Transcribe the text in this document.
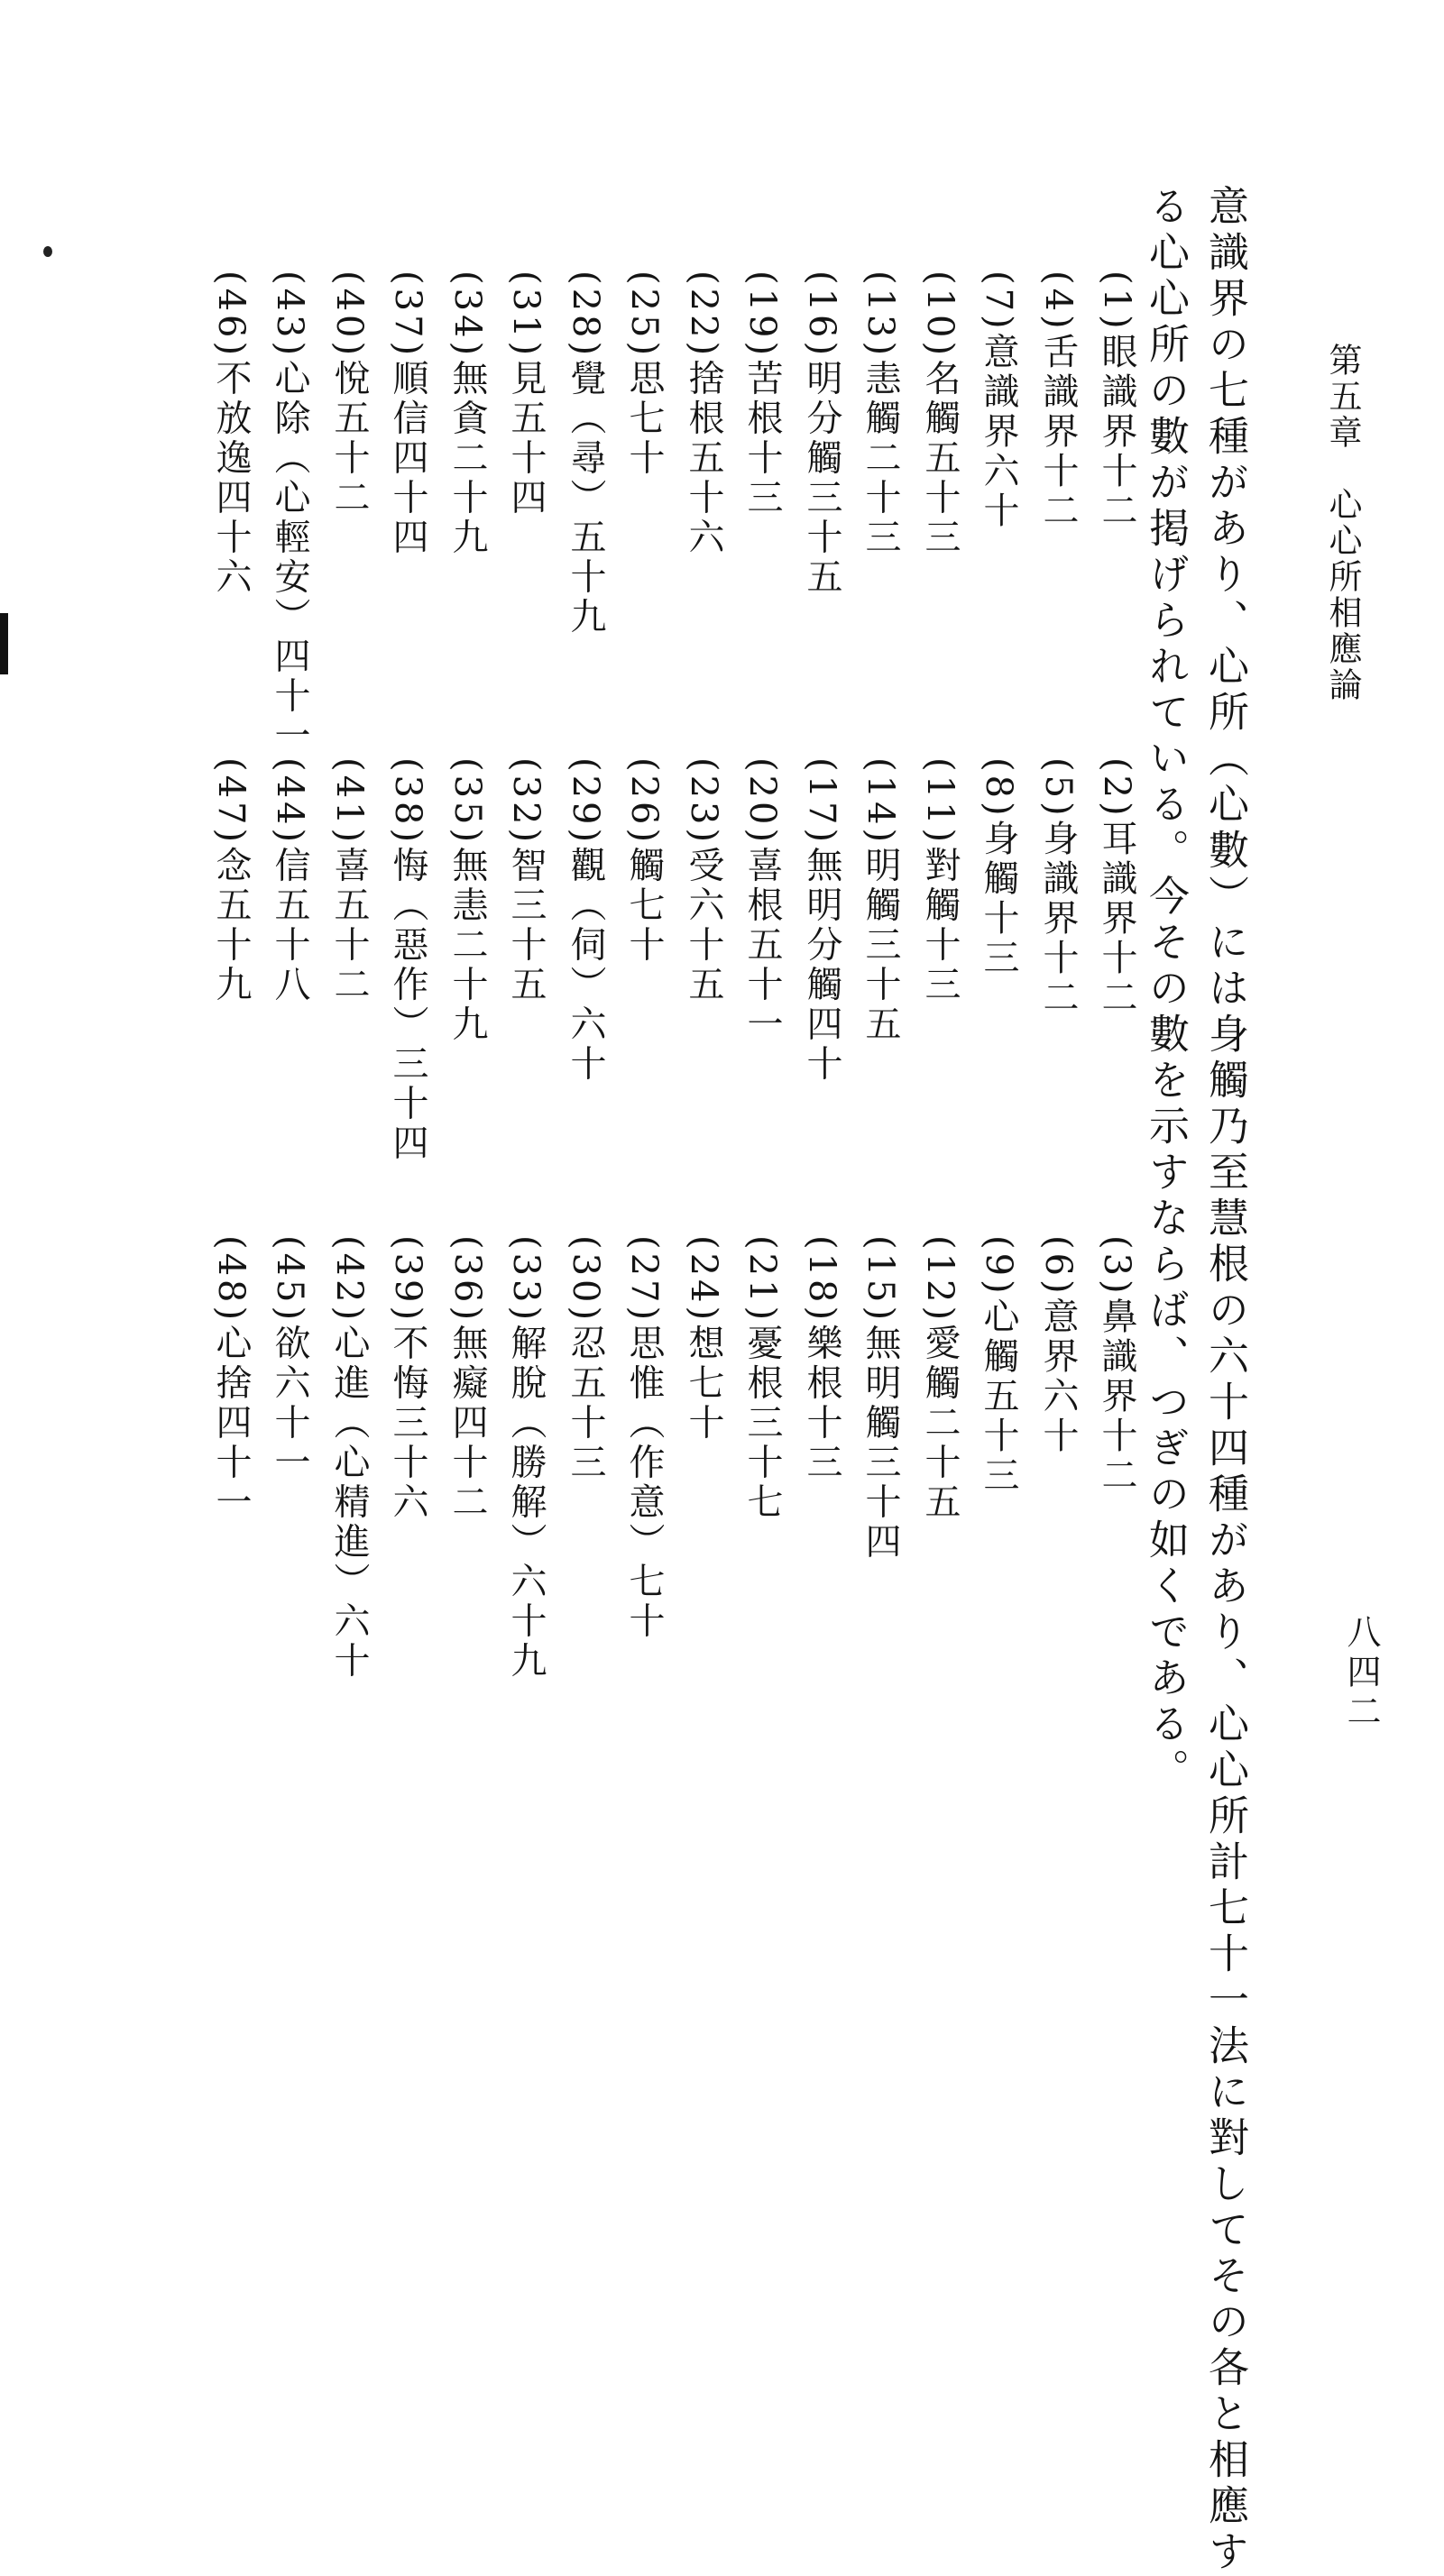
第五章　心心所相應論
八四二
意識界の七種があり、心所（心數）には身觸乃至慧根の六十四種があり、心心所計七十一法に對してその各と相應す
る心心所の數が掲げられている。今その數を示すならば、つぎの如くである。
(1)眼識界十二
(4)舌識界十二
(7)意識界六十
(10)名觸五十三
(13)恚觸二十三
(16)明分觸三十五
(19)苦根十三
(22)捨根五十六
(25)思七十
(28)覺（尋）五十九
(31)見五十四
(34)無貪二十九
(37)順信四十四
(40)悅五十二
(43)心除（心輕安）四十一
(46)不放逸四十六
(2)耳識界十二
(5)身識界十二
(8)身觸十三
(11)對觸十三
(14)明觸三十五
(17)無明分觸四十
(20)喜根五十一
(23)受六十五
(26)觸七十
(29)觀（伺）六十
(32)智三十五
(35)無恚二十九
(38)悔（惡作）三十四
(41)喜五十二
(44)信五十八
(47)念五十九
(3)鼻識界十二
(6)意界六十
(9)心觸五十三
(12)愛觸二十五
(15)無明觸三十四
(18)樂根十三
(21)憂根三十七
(24)想七十
(27)思惟（作意）七十
(30)忍五十三
(33)解脫（勝解）六十九
(36)無癡四十二
(39)不悔三十六
(42)心進（心精進）六十
(45)欲六十一
(48)心捨四十一
